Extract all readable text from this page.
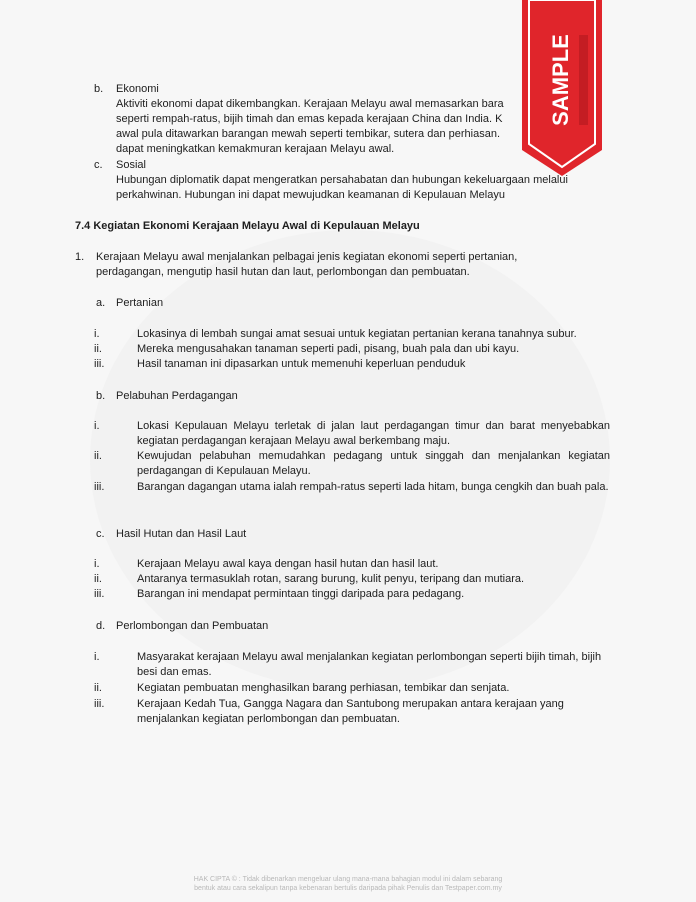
b. Ekonomi
Aktiviti ekonomi dapat dikembangkan. Kerajaan Melayu awal memasarkan bara
seperti rempah-ratus, bijih timah dan emas kepada kerajaan China dan India. K
awal pula ditawarkan barangan mewah seperti tembikar, sutera dan perhiasan.
dapat meningkatkan kemakmuran kerajaan Melayu awal.
c. Sosial
Hubungan diplomatik dapat mengeratkan persahabatan dan hubungan kekeluargaan melalui
perkahwinan. Hubungan ini dapat mewujudkan keamanan di Kepulauan Melayu
7.4 Kegiatan Ekonomi Kerajaan Melayu Awal di Kepulauan Melayu
1. Kerajaan Melayu awal menjalankan pelbagai jenis kegiatan ekonomi seperti pertanian,
perdagangan, mengutip hasil hutan dan laut, perlombongan dan pembuatan.
a. Pertanian
i.	Lokasinya di lembah sungai amat sesuai untuk kegiatan pertanian kerana tanahnya subur.
ii.	Mereka mengusahakan tanaman seperti padi, pisang, buah pala dan ubi kayu.
iii.	Hasil tanaman ini dipasarkan untuk memenuhi keperluan penduduk
b. Pelabuhan Perdagangan
i.	Lokasi Kepulauan Melayu terletak di jalan laut perdagangan timur dan barat menyebabkan kegiatan perdagangan kerajaan Melayu awal berkembang maju.
ii.	Kewujudan pelabuhan memudahkan pedagang untuk singgah dan menjalankan kegiatan perdagangan di Kepulauan Melayu.
iii.	Barangan dagangan utama ialah rempah-ratus seperti lada hitam, bunga cengkih dan buah pala.
c. Hasil Hutan dan Hasil Laut
i.	Kerajaan Melayu awal kaya dengan hasil hutan dan hasil laut.
ii.	Antaranya termasuklah rotan, sarang burung, kulit penyu, teripang dan mutiara.
iii.	Barangan ini mendapat permintaan tinggi daripada para pedagang.
d. Perlombongan dan Pembuatan
i.	Masyarakat kerajaan Melayu awal menjalankan kegiatan perlombongan seperti bijih timah, bijih besi dan emas.
ii.	Kegiatan pembuatan menghasilkan barang perhiasan, tembikar dan senjata.
iii.	Kerajaan Kedah Tua, Gangga Nagara dan Santubong merupakan antara kerajaan yang menjalankan kegiatan perlombongan dan pembuatan.
HAK CIPTA © : Tidak dibenarkan mengeluar ulang mana-mana bahagian modul ini dalam sebarang
bentuk atau cara sekalipun tanpa kebenaran bertulis daripada pihak Penulis dan Testpaper.com.my
SAMPLE
